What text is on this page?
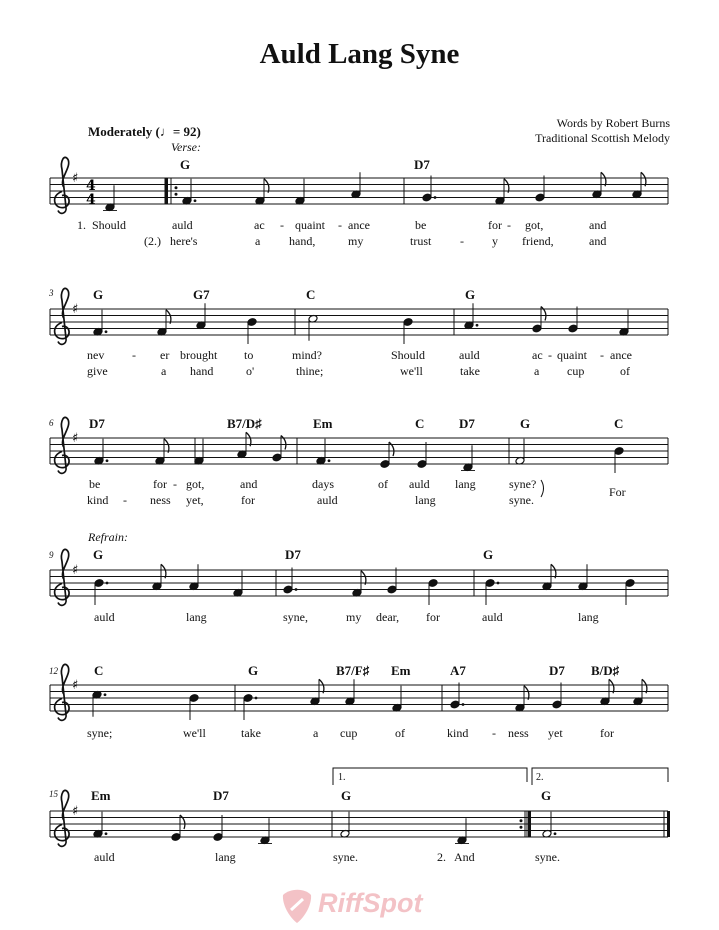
Auld Lang Syne
Words by Robert Burns
Traditional Scottish Melody
Moderately (♩= 92)
Verse:
Refrain:
G	D7
1. Should	auld	ac - quaint - ance	be	for - got,	and
(2.) here's	a hand,	my	trust - y friend,	and
3	G	G7	C	G
nev - er brought to	mind?	Should	auld	ac - quaint - ance
give	a hand	o'	thine;	we'll	take	a cup	of
6	D7	B7/D♯	Em	C	D7	G	C
be	for - got,	and	days	of auld lang	syne?
kind - ness yet,	for	auld	lang	syne.
For
9	G	D7	G
auld	lang	syne,	my dear, for	auld	lang
12	C	G	B7/F♯ Em	A7	D7 B/D♯
syne;	we'll	take	a cup	of	kind - ness yet	for
1.	2.
15	Em	D7	G	G
auld	lang	syne.	2. And	syne.
♯ 4
4
♯
♯
♯
♯
♯
RiffSpot
